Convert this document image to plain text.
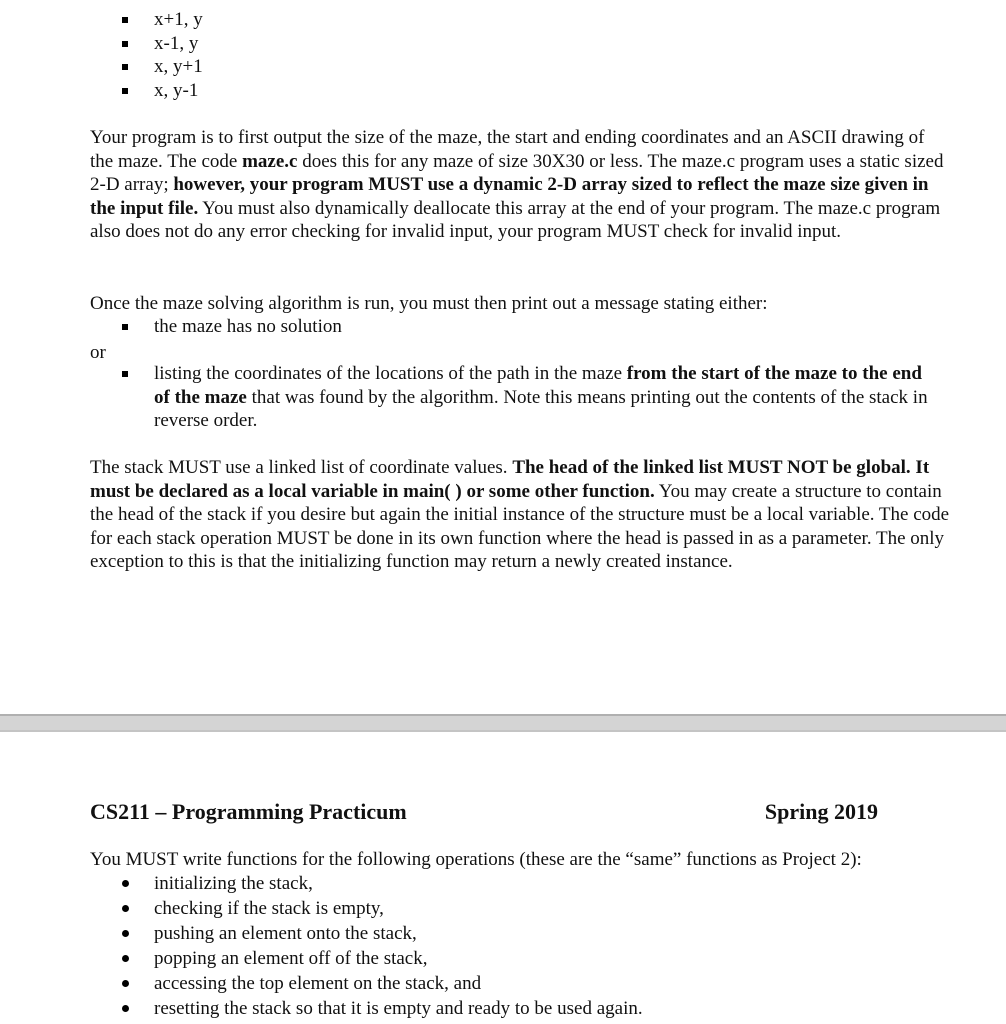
x+1, y
x-1, y
x, y+1
x, y-1

Your program is to first output the size of the maze, the start and ending coordinates and an ASCII drawing of the maze. The code maze.c does this for any maze of size 30X30 or less. The maze.c program uses a static sized 2-D array; however, your program MUST use a dynamic 2-D array sized to reflect the maze size given in the input file. You must also dynamically deallocate this array at the end of your program. The maze.c program also does not do any error checking for invalid input, your program MUST check for invalid input.

Once the maze solving algorithm is run, you must then print out a message stating either:

the maze has no solution

or

listing the coordinates of the locations of the path in the maze from the start of the maze to the end of the maze that was found by the algorithm. Note this means printing out the contents of the stack in reverse order.

The stack MUST use a linked list of coordinate values. The head of the linked list MUST NOT be global. It must be declared as a local variable in main( ) or some other function. You may create a structure to contain the head of the stack if you desire but again the initial instance of the structure must be a local variable. The code for each stack operation MUST be done in its own function where the head is passed in as a parameter. The only exception to this is that the initializing function may return a newly created instance.

CS211 – Programming Practicum	Spring 2019

You MUST write functions for the following operations (these are the “same” functions as Project 2):

initializing the stack,
checking if the stack is empty,
pushing an element onto the stack,
popping an element off of the stack,
accessing the top element on the stack, and
resetting the stack so that it is empty and ready to be used again.
